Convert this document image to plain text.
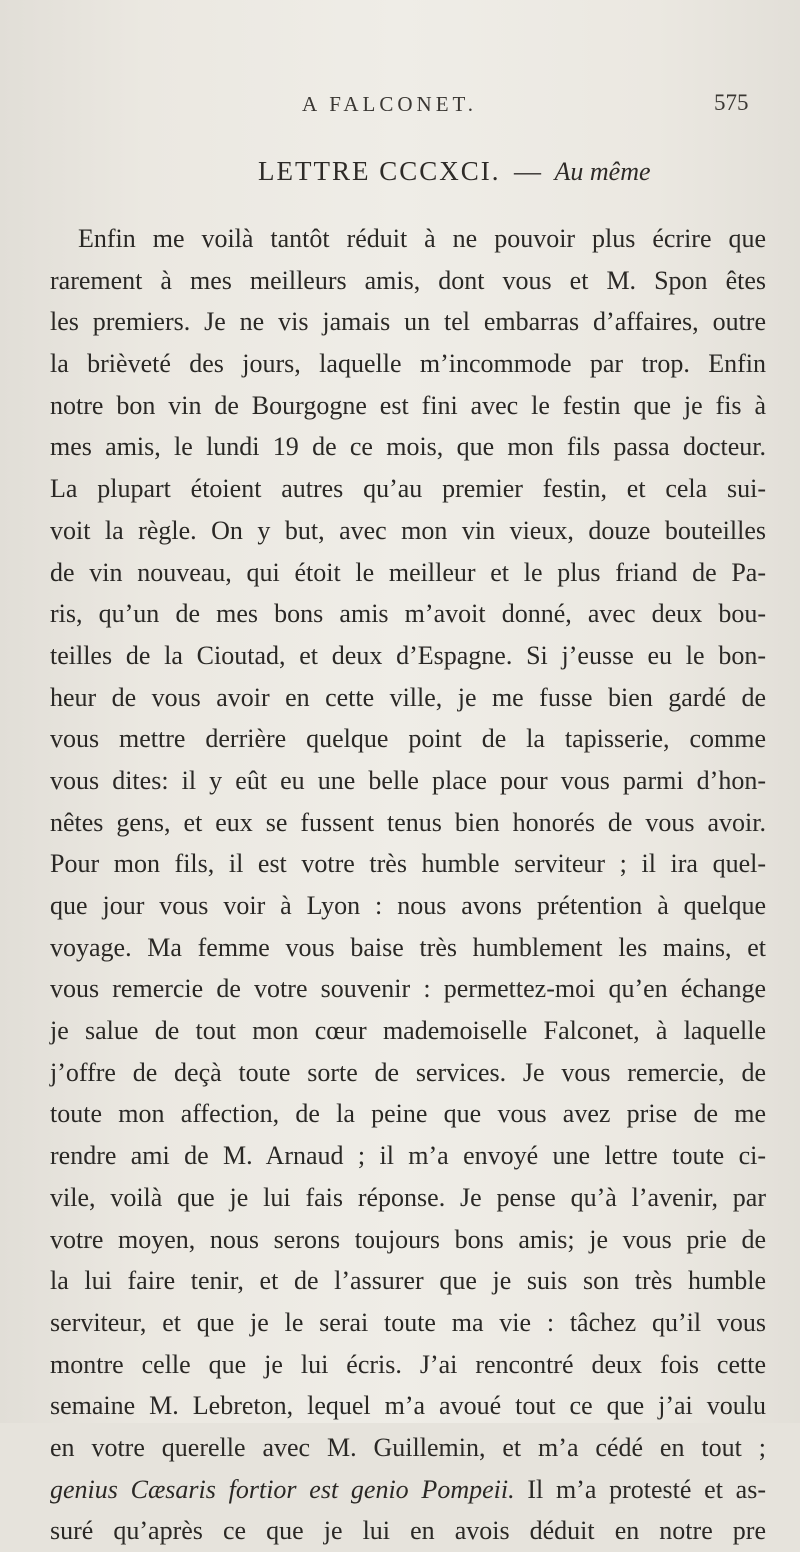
A FALCONET.	575
LETTRE CCCXCI. — Au même
Enfin me voilà tantôt réduit à ne pouvoir plus écrire que
rarement à mes meilleurs amis, dont vous et M. Spon êtes
les premiers. Je ne vis jamais un tel embarras d’affaires, outre
la brièveté des jours, laquelle m’incommode par trop. Enfin
notre bon vin de Bourgogne est fini avec le festin que je fis à
mes amis, le lundi 19 de ce mois, que mon fils passa docteur.
La plupart étoient autres qu’au premier festin, et cela sui-
voit la règle. On y but, avec mon vin vieux, douze bouteilles
de vin nouveau, qui étoit le meilleur et le plus friand de Pa-
ris, qu’un de mes bons amis m’avoit donné, avec deux bou-
teilles de la Cioutad, et deux d’Espagne. Si j’eusse eu le bon-
heur de vous avoir en cette ville, je me fusse bien gardé de
vous mettre derrière quelque point de la tapisserie, comme
vous dites: il y eût eu une belle place pour vous parmi d’hon-
nêtes gens, et eux se fussent tenus bien honorés de vous avoir.
Pour mon fils, il est votre très humble serviteur ; il ira quel-
que jour vous voir à Lyon : nous avons prétention à quelque
voyage. Ma femme vous baise très humblement les mains, et
vous remercie de votre souvenir : permettez-moi qu’en échange
je salue de tout mon cœur mademoiselle Falconet, à laquelle
j’offre de deçà toute sorte de services. Je vous remercie, de
toute mon affection, de la peine que vous avez prise de me
rendre ami de M. Arnaud ; il m’a envoyé une lettre toute ci-
vile, voilà que je lui fais réponse. Je pense qu’à l’avenir, par
votre moyen, nous serons toujours bons amis; je vous prie de
la lui faire tenir, et de l’assurer que je suis son très humble
serviteur, et que je le serai toute ma vie : tâchez qu’il vous
montre celle que je lui écris. J’ai rencontré deux fois cette
semaine M. Lebreton, lequel m’a avoué tout ce que j’ai voulu
en votre querelle avec M. Guillemin, et m’a cédé en tout ;
genius Cæsaris fortior est genio Pompeii. Il m’a protesté et as-
suré qu’après ce que je lui en avois déduit en notre pre
